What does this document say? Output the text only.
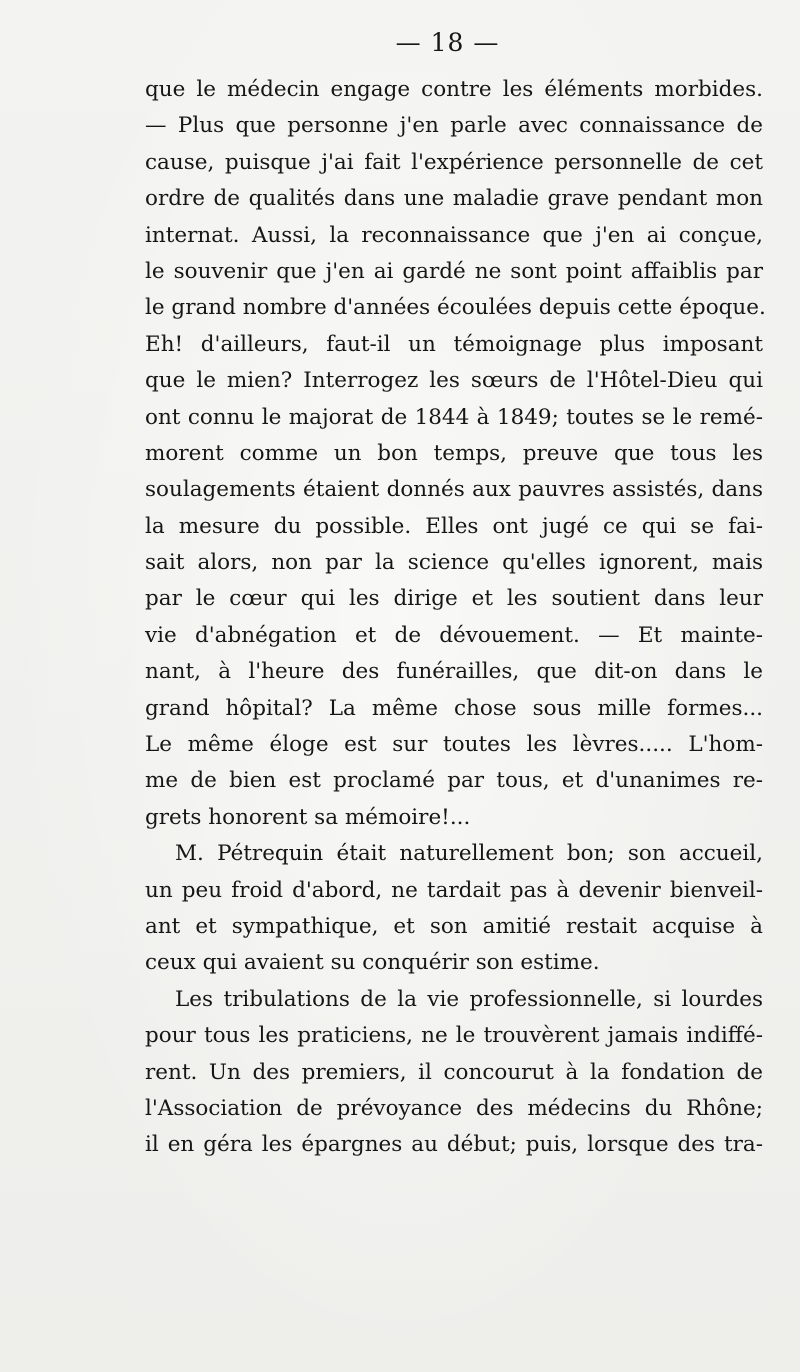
— 18 —
que le médecin engage contre les éléments morbides.
— Plus que personne j'en parle avec connaissance de
cause, puisque j'ai fait l'expérience personnelle de cet
ordre de qualités dans une maladie grave pendant mon
internat. Aussi, la reconnaissance que j'en ai conçue,
le souvenir que j'en ai gardé ne sont point affaiblis par
le grand nombre d'années écoulées depuis cette époque.
Eh! d'ailleurs, faut-il un témoignage plus imposant
que le mien? Interrogez les sœurs de l'Hôtel-Dieu qui
ont connu le majorat de 1844 à 1849; toutes se le remé-
morent comme un bon temps, preuve que tous les
soulagements étaient donnés aux pauvres assistés, dans
la mesure du possible. Elles ont jugé ce qui se fai-
sait alors, non par la science qu'elles ignorent, mais
par le cœur qui les dirige et les soutient dans leur
vie d'abnégation et de dévouement. — Et mainte-
nant, à l'heure des funérailles, que dit-on dans le
grand hôpital? La même chose sous mille formes...
Le même éloge est sur toutes les lèvres..... L'hom-
me de bien est proclamé par tous, et d'unanimes re-
grets honorent sa mémoire!...
M. Pétrequin était naturellement bon; son accueil,
un peu froid d'abord, ne tardait pas à devenir bienveil-
ant et sympathique, et son amitié restait acquise à
ceux qui avaient su conquérir son estime.
Les tribulations de la vie professionnelle, si lourdes
pour tous les praticiens, ne le trouvèrent jamais indiffé-
rent. Un des premiers, il concourut à la fondation de
l'Association de prévoyance des médecins du Rhône;
il en géra les épargnes au début; puis, lorsque des tra-
